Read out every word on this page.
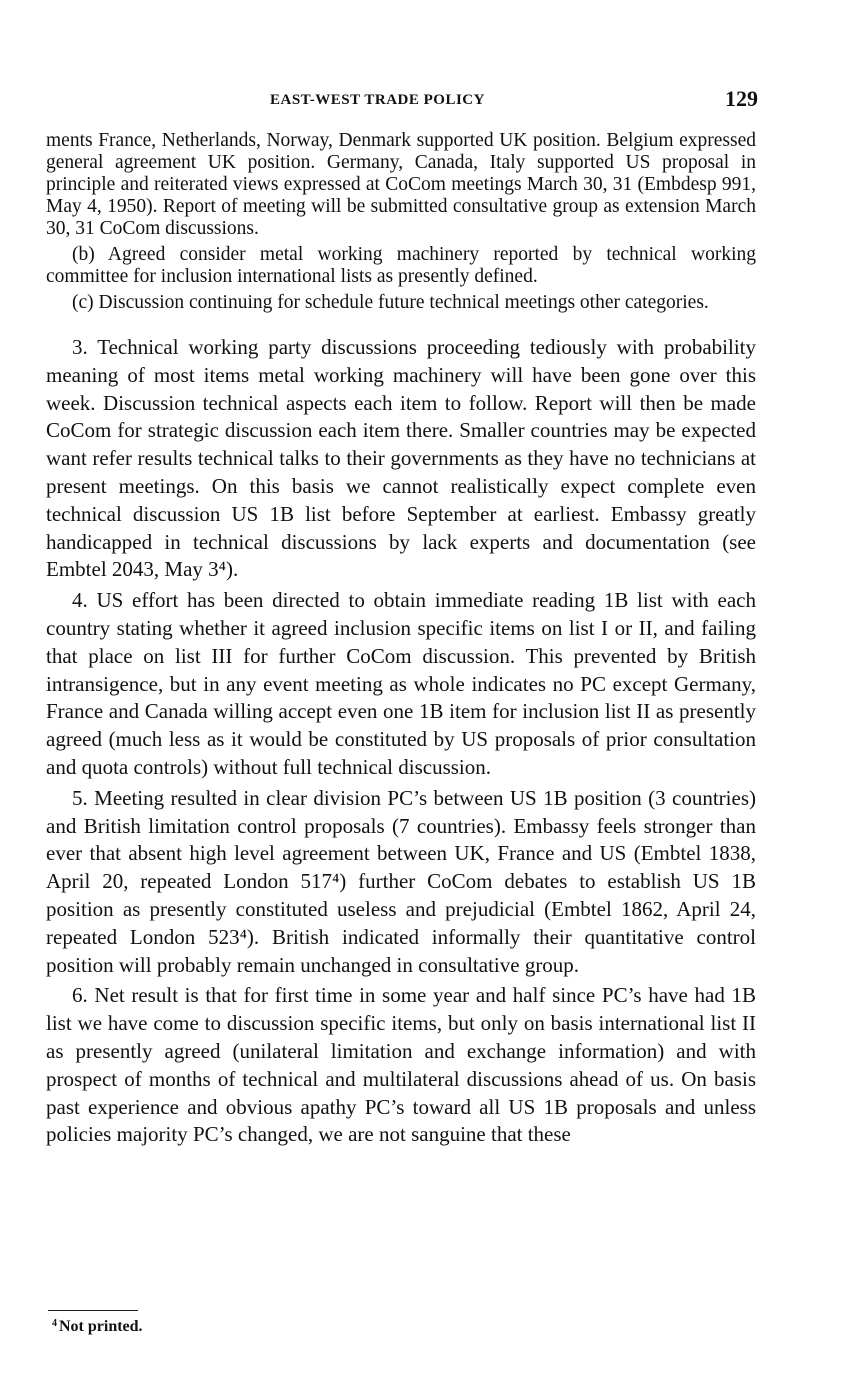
EAST-WEST TRADE POLICY	129

ments France, Netherlands, Norway, Denmark supported UK position. Belgium expressed general agreement UK position. Germany, Canada, Italy supported US proposal in principle and reiterated views expressed at CoCom meetings March 30, 31 (Embdesp 991, May 4, 1950). Report of meeting will be submitted consultative group as extension March 30, 31 CoCom discussions.

(b) Agreed consider metal working machinery reported by technical working committee for inclusion international lists as presently defined.

(c) Discussion continuing for schedule future technical meetings other categories.

3. Technical working party discussions proceeding tediously with probability meaning of most items metal working machinery will have been gone over this week. Discussion technical aspects each item to follow. Report will then be made CoCom for strategic discussion each item there. Smaller countries may be expected want refer results technical talks to their governments as they have no technicians at present meetings. On this basis we cannot realistically expect complete even technical discussion US 1B list before September at earliest. Embassy greatly handicapped in technical discussions by lack experts and documentation (see Embtel 2043, May 3⁴).

4. US effort has been directed to obtain immediate reading 1B list with each country stating whether it agreed inclusion specific items on list I or II, and failing that place on list III for further CoCom discussion. This prevented by British intransigence, but in any event meeting as whole indicates no PC except Germany, France and Canada willing accept even one 1B item for inclusion list II as presently agreed (much less as it would be constituted by US proposals of prior consultation and quota controls) without full technical discussion.

5. Meeting resulted in clear division PC’s between US 1B position (3 countries) and British limitation control proposals (7 countries). Embassy feels stronger than ever that absent high level agreement between UK, France and US (Embtel 1838, April 20, repeated London 517⁴) further CoCom debates to establish US 1B position as presently constituted useless and prejudicial (Embtel 1862, April 24, repeated London 523⁴). British indicated informally their quantitative control position will probably remain unchanged in consultative group.

6. Net result is that for first time in some year and half since PC’s have had 1B list we have come to discussion specific items, but only on basis international list II as presently agreed (unilateral limitation and exchange information) and with prospect of months of technical and multilateral discussions ahead of us. On basis past experience and obvious apathy PC’s toward all US 1B proposals and unless policies majority PC’s changed, we are not sanguine that these

$^4$ Not printed.
